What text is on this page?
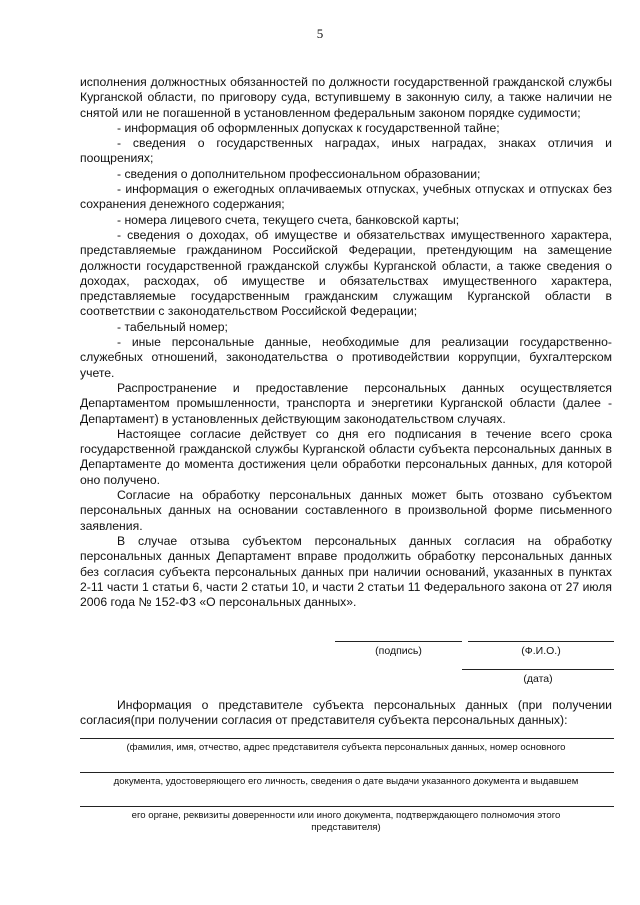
5

исполнения должностных обязанностей по должности государственной гражданской службы Курганской области, по приговору суда, вступившему в законную силу, а также наличии не снятой или не погашенной в установленном федеральным законом порядке судимости;

- информация об оформленных допусках к государственной тайне;

- сведения о государственных наградах, иных наградах, знаках отличия и поощрениях;

- сведения о дополнительном профессиональном образовании;

- информация о ежегодных оплачиваемых отпусках, учебных отпусках и отпусках без сохранения денежного содержания;

- номера лицевого счета, текущего счета, банковской карты;

- сведения о доходах, об имуществе и обязательствах имущественного характера, представляемые гражданином Российской Федерации, претендующим на замещение должности государственной гражданской службы Курганской области, а также сведения о доходах, расходах, об имуществе и обязательствах имущественного характера, представляемые государственным гражданским служащим Курганской области в соответствии с законодательством Российской Федерации;

- табельный номер;

- иные персональные данные, необходимые для реализации государственно-служебных отношений, законодательства о противодействии коррупции, бухгалтерском учете.

Распространение и предоставление персональных данных осуществляется Департаментом промышленности, транспорта и энергетики Курганской области (далее - Департамент) в установленных действующим законодательством случаях.

Настоящее согласие действует со дня его подписания в течение всего срока государственной гражданской службы Курганской области субъекта персональных данных в Департаменте до момента достижения цели обработки персональных данных, для которой оно получено.

Согласие на обработку персональных данных может быть отозвано субъектом персональных данных на основании составленного в произвольной форме письменного заявления.

В случае отзыва субъектом персональных данных согласия на обработку персональных данных Департамент вправе продолжить обработку персональных данных без согласия субъекта персональных данных при наличии оснований, указанных в пунктах 2-11 части 1 статьи 6, части 2 статьи 10, и части 2 статьи 11 Федерального закона от 27 июля 2006 года № 152-ФЗ «О персональных данных».

(подпись)	(Ф.И.О.)
(дата)

Информация о представителе субъекта персональных данных (при получении согласия(при получении согласия от представителя субъекта персональных данных):

(фамилия, имя, отчество, адрес представителя субъекта персональных данных, номер основного
документа, удостоверяющего его личность, сведения о дате выдачи указанного документа и выдавшем
его органе, реквизиты доверенности или иного документа, подтверждающего полномочия этого представителя)
